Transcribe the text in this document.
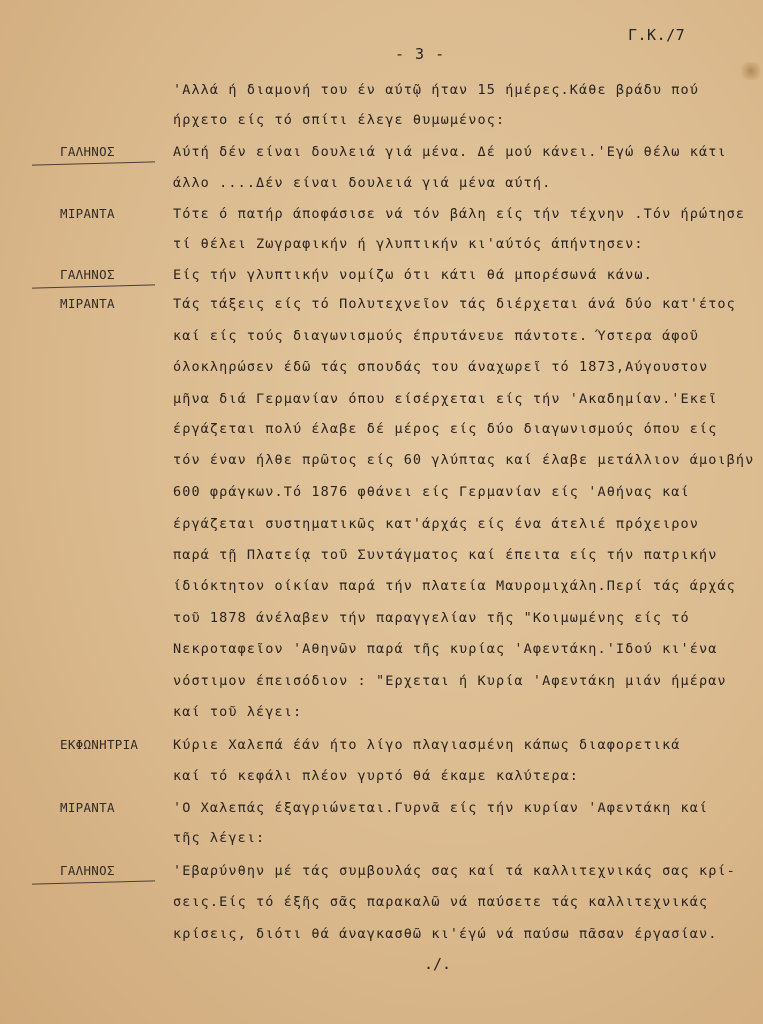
Γ.Κ./7
- 3 -
'Αλλά ή διαμονή του έν αύτῷ ήταν 15 ήμέρες.Κάθε βράδυ πού
ήρχετο είς τό σπίτι έλεγε θυμωμένος:
ΓΑΛΗΝΟΣ	Αύτή δέν είναι δουλειά γιά μένα. Δέ μού κάνει.'Εγώ θέλω κάτι
άλλο ....Δέν είναι δουλειά γιά μένα αύτή.
ΜΙΡΑΝΤΑ	Τότε ό πατήρ άποφάσισε νά τόν βάλη είς τήν τέχνην .Τόν ήρώτησε
τί θέλει Ζωγραφικήν ή γλυπτικήν κι'αύτός άπήντησεν:
ΓΑΛΗΝΟΣ	Είς τήν γλυπτικήν νομίζω ότι κάτι θά μπορέσωνά κάνω.
ΜΙΡΑΝΤΑ	Τάς τάξεις είς τό Πολυτεχνεῖον τάς διέρχεται άνά δύο κατ'έτος
καί είς τούς διαγωνισμούς έπρυτάνευε πάντοτε. Ύστερα άφοῦ
όλοκληρώσεν έδῶ τάς σπουδάς του άναχωρεῖ τό 1873,Αύγουστον
μῆνα διά Γερμανίαν όπου είσέρχεται είς τήν 'Ακαδημίαν.'Εκεῖ
έργάζεται πολύ έλαβε δέ μέρος είς δύο διαγωνισμούς όπου είς
τόν έναν ήλθε πρῶτος είς 60 γλύπτας καί έλαβε μετάλλιον άμοιβήν
600 φράγκων.Τό 1876 φθάνει είς Γερμανίαν είς 'Αθήνας καί
έργάζεται συστηματικῶς κατ'άρχάς είς ένα άτελιέ πρόχειρον
παρά τῇ Πλατείᾳ τοῦ Συντάγματος καί έπειτα είς τήν πατρικήν
ίδιόκτητον οίκίαν παρά τήν πλατεία Μαυρομιχάλη.Περί τάς άρχάς
τοῦ 1878 άνέλαβεν τήν παραγγελίαν τῆς "Κοιμωμένης είς τό
Νεκροταφεῖον 'Αθηνῶν παρά τῆς κυρίας 'Αφεντάκη.'Ιδού κι'ένα
νόστιμον έπεισόδιον : "Ερχεται ή Κυρία 'Αφεντάκη μιάν ήμέραν
καί τοῦ λέγει:
ΕΚΦΩΝΗΤΡΙΑ	Κύριε Χαλεπά έάν ήτο λίγο πλαγιασμένη κάπως διαφορετικά
καί τό κεφάλι πλέον γυρτό θά έκαμε καλύτερα:
ΜΙΡΑΝΤΑ	'Ο Χαλεπάς έξαγριώνεται.Γυρνᾶ είς τήν κυρίαν 'Αφεντάκη καί
τῆς λέγει:
ΓΑΛΗΝΟΣ	'Εβαρύνθην μέ τάς συμβουλάς σας καί τά καλλιτεχνικάς σας κρί-
σεις.Είς τό έξῆς σᾶς παρακαλῶ νά παύσετε τάς καλλιτεχνικάς
κρίσεις, διότι θά άναγκασθῶ κι'έγώ νά παύσω πᾶσαν έργασίαν.
./.
